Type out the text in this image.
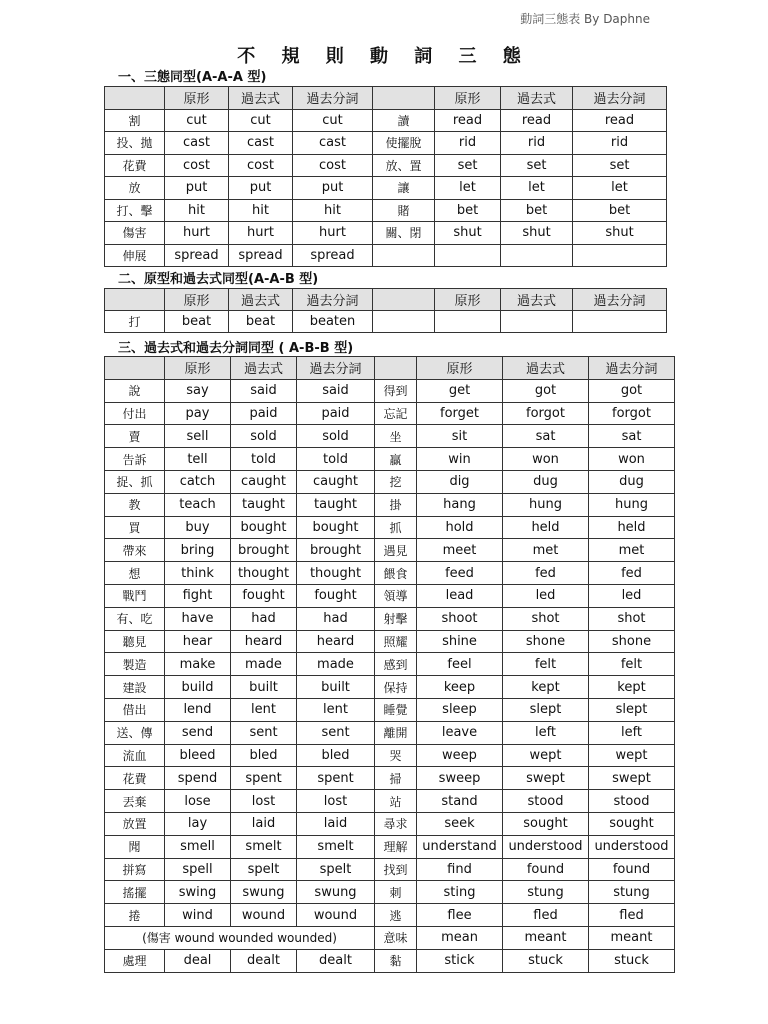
動詞三態表 By Daphne
不 規 則 動 詞 三 態
一、三態同型(A-A-A 型)
	原形	過去式	過去分詞		原形	過去式	過去分詞
割	cut	cut	cut	讀	read	read	read
投、拋	cast	cast	cast	使擺脫	rid	rid	rid
花費	cost	cost	cost	放、置	set	set	set
放	put	put	put	讓	let	let	let
打、擊	hit	hit	hit	賭	bet	bet	bet
傷害	hurt	hurt	hurt	關、閉	shut	shut	shut
伸展	spread	spread	spread				
二、原型和過去式同型(A-A-B 型)
	原形	過去式	過去分詞		原形	過去式	過去分詞
打	beat	beat	beaten				
三、過去式和過去分詞同型 ( A-B-B 型)
	原形	過去式	過去分詞		原形	過去式	過去分詞
說	say	said	said	得到	get	got	got
付出	pay	paid	paid	忘記	forget	forgot	forgot
賣	sell	sold	sold	坐	sit	sat	sat
告訴	tell	told	told	贏	win	won	won
捉、抓	catch	caught	caught	挖	dig	dug	dug
教	teach	taught	taught	掛	hang	hung	hung
買	buy	bought	bought	抓	hold	held	held
帶來	bring	brought	brought	遇見	meet	met	met
想	think	thought	thought	餵食	feed	fed	fed
戰鬥	fight	fought	fought	領導	lead	led	led
有、吃	have	had	had	射擊	shoot	shot	shot
聽見	hear	heard	heard	照耀	shine	shone	shone
製造	make	made	made	感到	feel	felt	felt
建設	build	built	built	保持	keep	kept	kept
借出	lend	lent	lent	睡覺	sleep	slept	slept
送、傳	send	sent	sent	離開	leave	left	left
流血	bleed	bled	bled	哭	weep	wept	wept
花費	spend	spent	spent	掃	sweep	swept	swept
丟棄	lose	lost	lost	站	stand	stood	stood
放置	lay	laid	laid	尋求	seek	sought	sought
聞	smell	smelt	smelt	理解	understand	understood	understood
拼寫	spell	spelt	spelt	找到	find	found	found
搖擺	swing	swung	swung	刺	sting	stung	stung
捲	wind	wound	wound	逃	flee	fled	fled
(傷害 wound wounded wounded)				意味	mean	meant	meant
處理	deal	dealt	dealt	黏	stick	stuck	stuck
